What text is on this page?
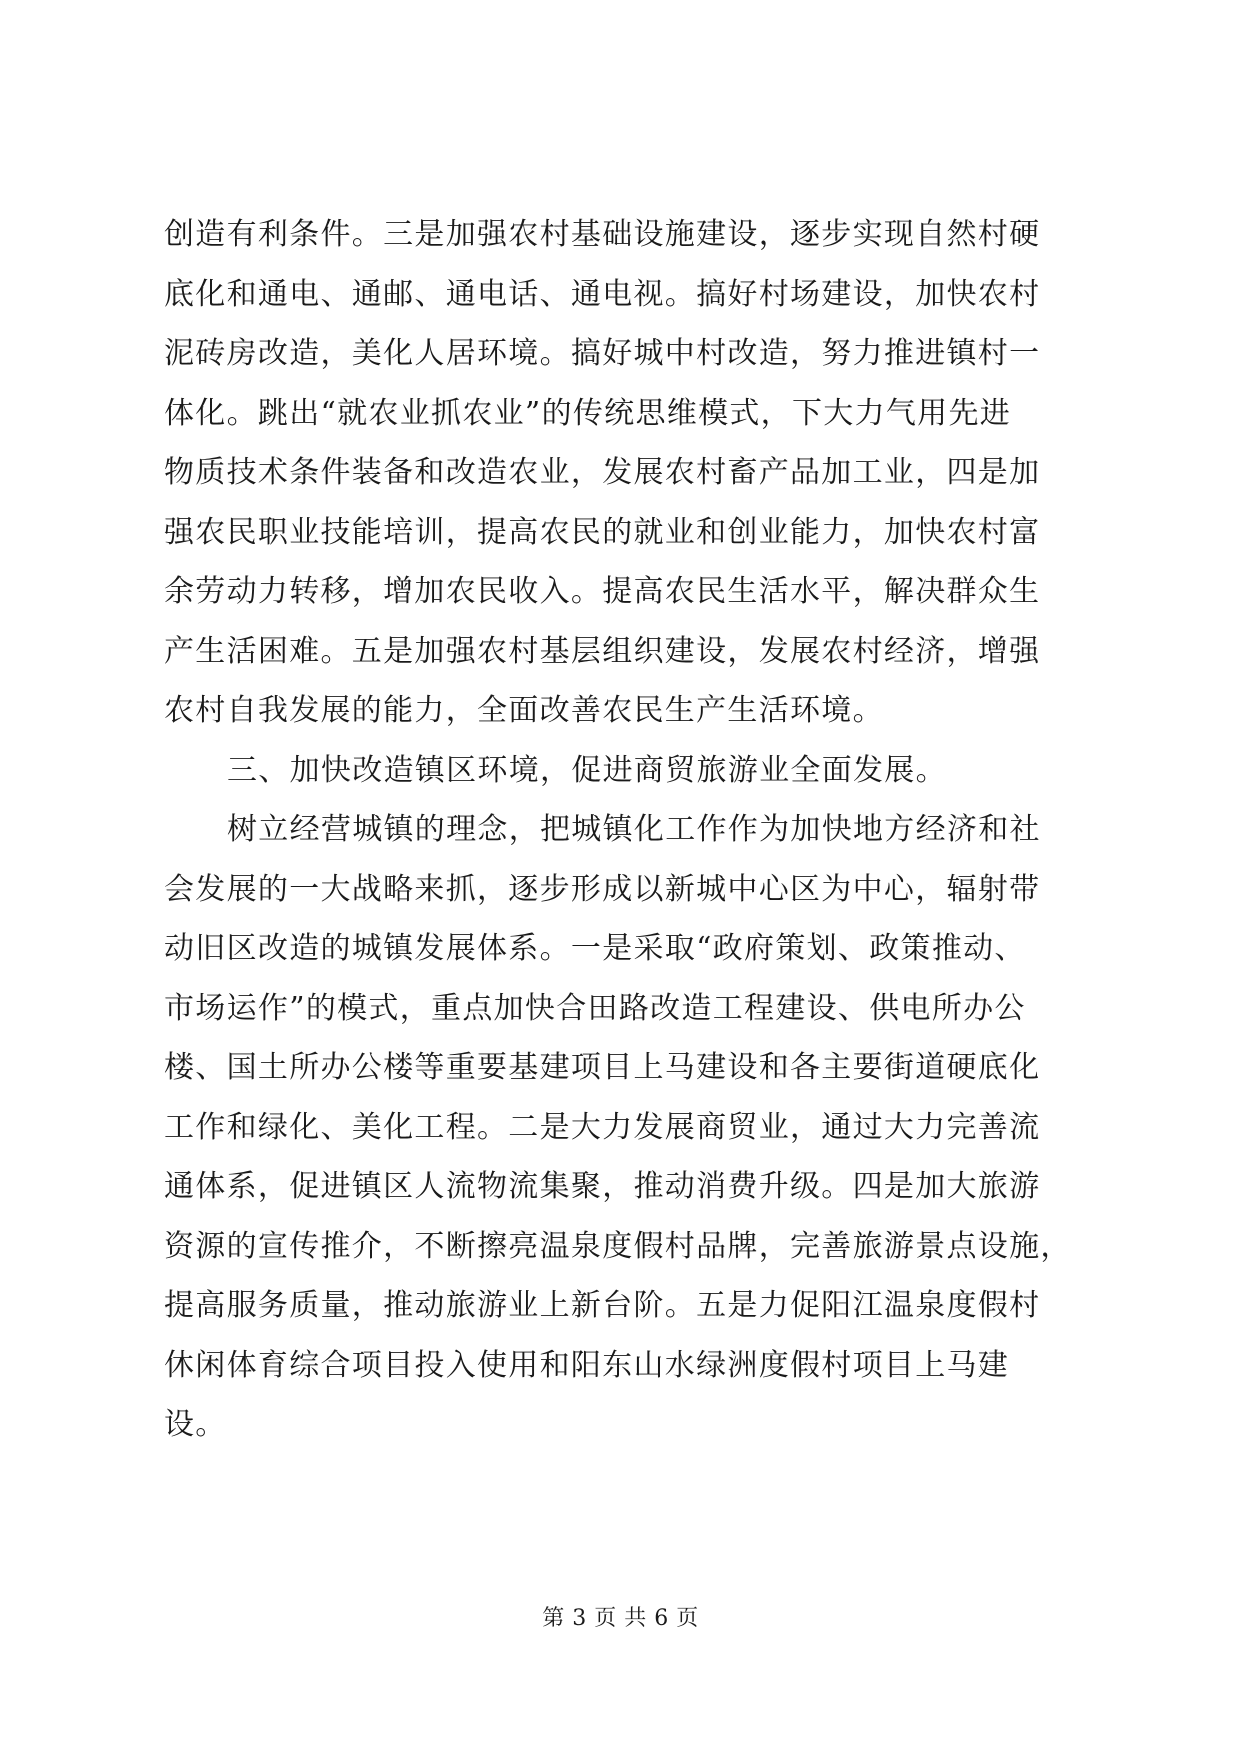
创造有利条件。三是加强农村基础设施建设，逐步实现自然村硬
底化和通电、通邮、通电话、通电视。搞好村场建设，加快农村
泥砖房改造，美化人居环境。搞好城中村改造，努力推进镇村一
体化。跳出“就农业抓农业”的传统思维模式，下大力气用先进
物质技术条件装备和改造农业，发展农村畜产品加工业，四是加
强农民职业技能培训，提高农民的就业和创业能力，加快农村富
余劳动力转移，增加农民收入。提高农民生活水平，解决群众生
产生活困难。五是加强农村基层组织建设，发展农村经济，增强
农村自我发展的能力，全面改善农民生产生活环境。
三、加快改造镇区环境，促进商贸旅游业全面发展。
树立经营城镇的理念，把城镇化工作作为加快地方经济和社
会发展的一大战略来抓，逐步形成以新城中心区为中心，辐射带
动旧区改造的城镇发展体系。一是采取“政府策划、政策推动、
市场运作”的模式，重点加快合田路改造工程建设、供电所办公
楼、国土所办公楼等重要基建项目上马建设和各主要街道硬底化
工作和绿化、美化工程。二是大力发展商贸业，通过大力完善流
通体系，促进镇区人流物流集聚，推动消费升级。四是加大旅游
资源的宣传推介，不断擦亮温泉度假村品牌，完善旅游景点设施，
提高服务质量，推动旅游业上新台阶。五是力促阳江温泉度假村
休闲体育综合项目投入使用和阳东山水绿洲度假村项目上马建
设。
第 3 页 共 6 页
